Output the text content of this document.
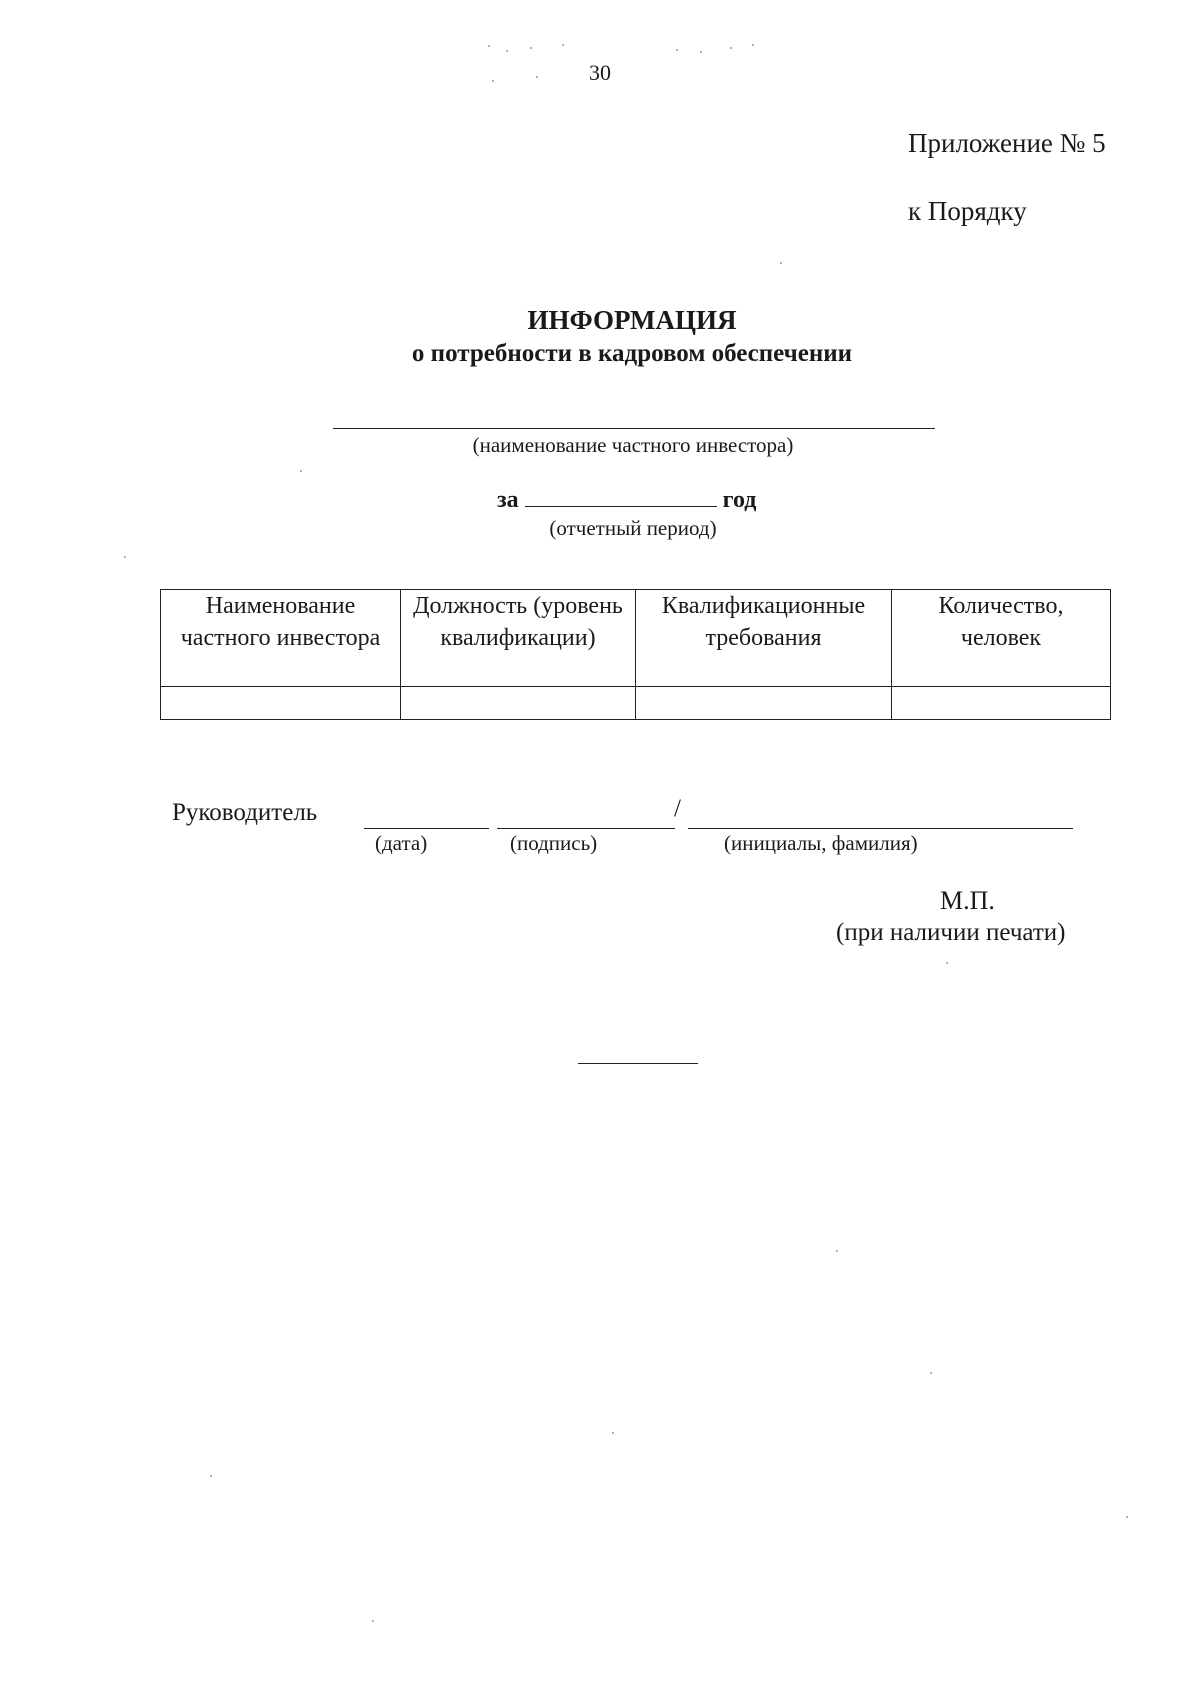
30
Приложение № 5
к Порядку
ИНФОРМАЦИЯ
о потребности в кадровом обеспечении
(наименование частного инвестора)
за	год
(отчетный период)
Наименование частного инвестора	Должность (уровень квалификации)	Квалификационные требования	Количество, человек

Руководитель	/
(дата)	(подпись)	(инициалы, фамилия)
М.П.
(при наличии печати)
